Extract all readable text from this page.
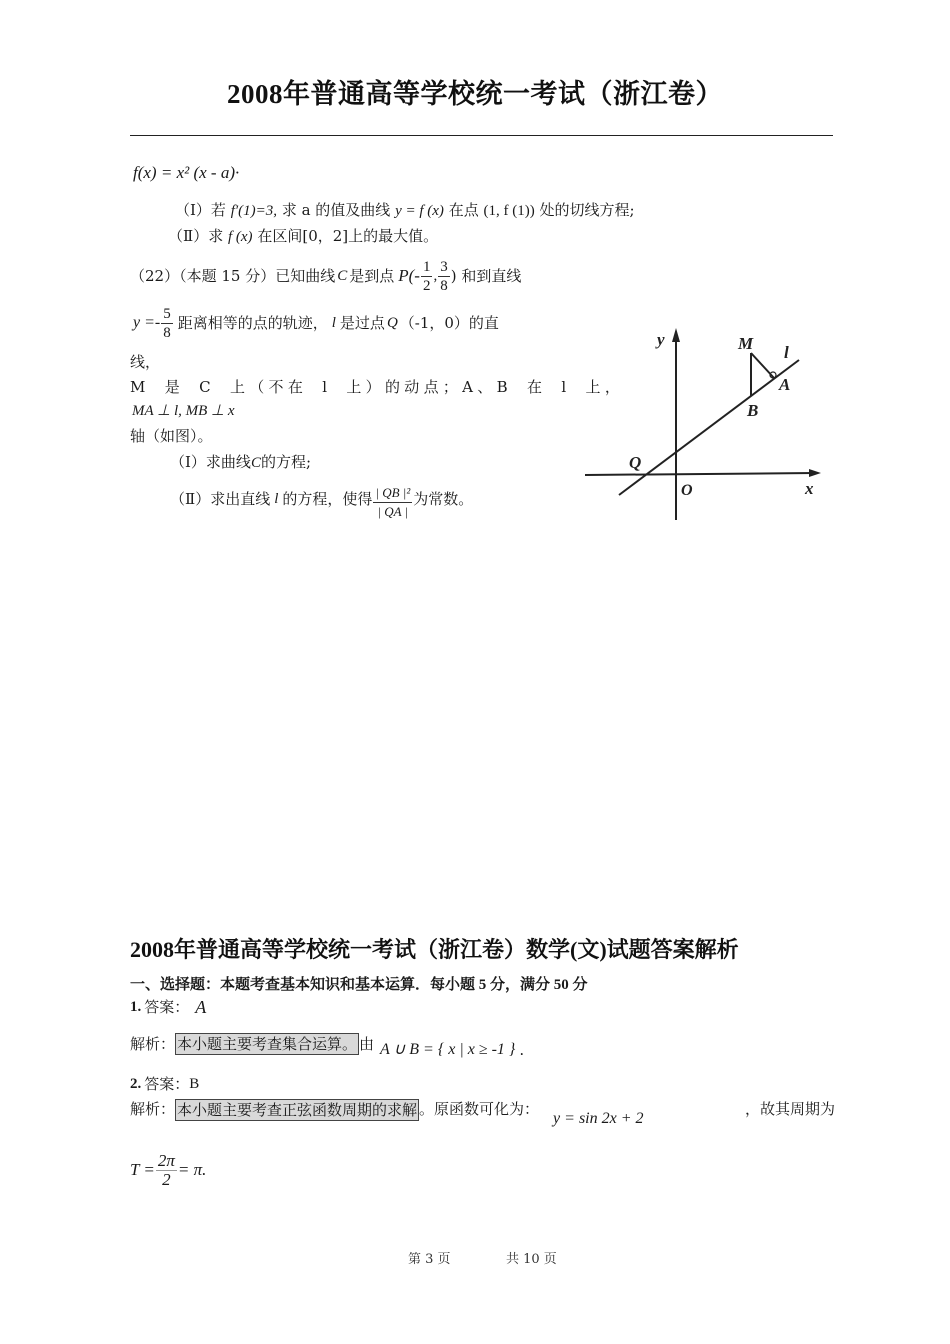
2008年普通高等学校统一考试（浙江卷）
f(x) = x² (x - a)·
（Ⅰ）若 f′(1)=3, 求 a 的值及曲线 y = f (x) 在点 (1, f (1)) 处的切线方程;
（Ⅱ）求 f (x) 在区间[0，2]上的最大值。
（22）（本题 15 分）已知曲线 C 是到点 $P(- \frac{1}{2}$ , $\frac{3}{8}$ ) 和到直线
$y =- \frac{5}{8}$ 距离相等的点的轨迹， l 是过点 Q （-1，0）的直
线，
M 是 C 上（不在 l 上）的动点；A、B 在 l 上，
MA ⊥ l, MB ⊥ x
轴（如图）。
（Ⅰ）求曲线C的方程;
（Ⅱ）求出直线 l 的方程，使得 $\frac{\text{| QB |²}}{| QA |}$ 为常数。
y
x
O
Q
M l
A
B
2008年普通高等学校统一考试（浙江卷）数学(文)试题答案解析
一、选择题：本题考查基本知识和基本运算．每小题 5 分，满分 50 分
1. 答案： A
解析： 本小题主要考查集合运算。 由 A ∪ B = { x | x ≥ -1 } .
2. 答案： B
解析： 本小题主要考查正弦函数周期的求解 。原函数可化为：
y = sin 2x + 2
，故其周期为
$T = \frac{2\pi}{2} = \pi$.
第 3 页	共 10 页
